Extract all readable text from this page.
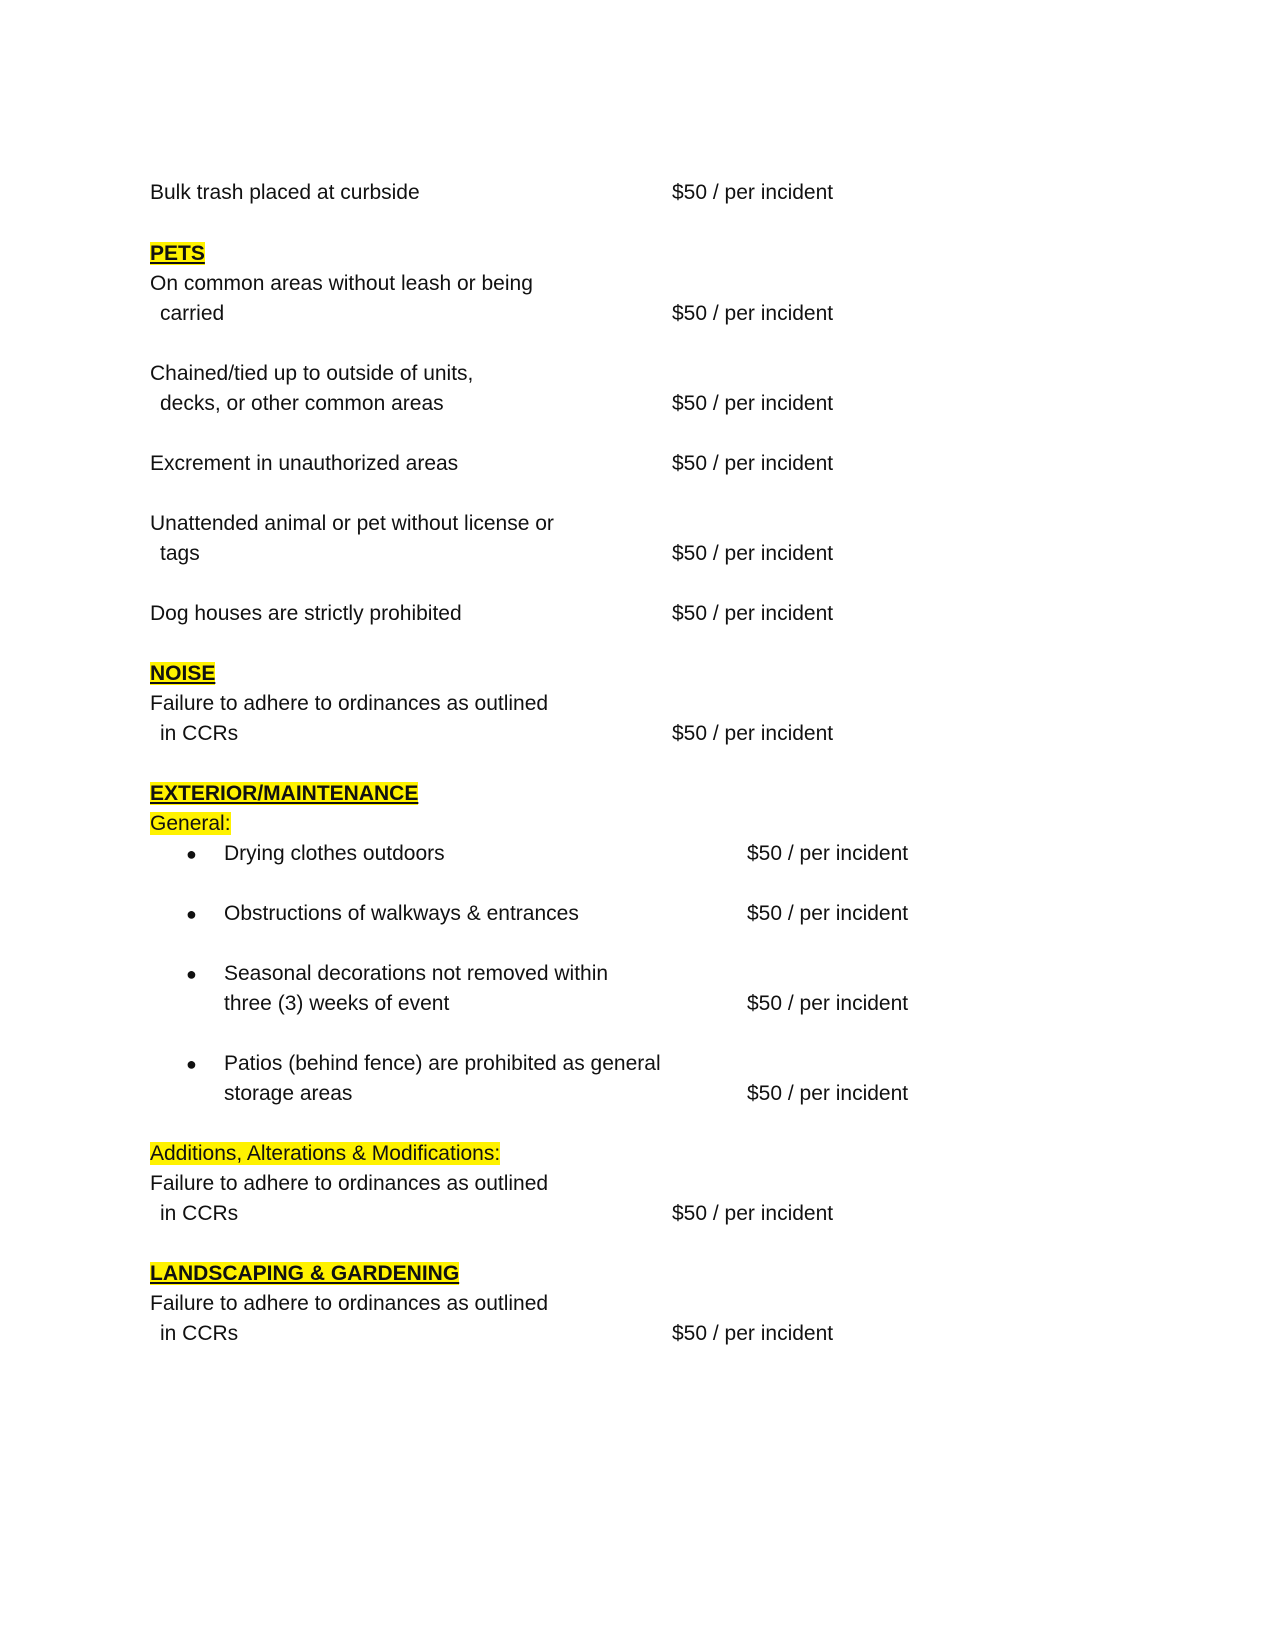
Bulk trash placed at curbside	$50 / per incident
PETS
On common areas without leash or being
carried	$50 / per incident
Chained/tied up to outside of units,
decks, or other common areas	$50 / per incident
Excrement in unauthorized areas	$50 / per incident
Unattended animal or pet without license or
tags	$50 / per incident
Dog houses are strictly prohibited	$50 / per incident
NOISE
Failure to adhere to ordinances as outlined
in CCRs	$50 / per incident
EXTERIOR/MAINTENANCE
General:
● Drying clothes outdoors	$50 / per incident
● Obstructions of walkways & entrances	$50 / per incident
● Seasonal decorations not removed within
three (3) weeks of event	$50 / per incident
● Patios (behind fence) are prohibited as general
storage areas	$50 / per incident
Additions, Alterations & Modifications:
Failure to adhere to ordinances as outlined
in CCRs	$50 / per incident
LANDSCAPING & GARDENING
Failure to adhere to ordinances as outlined
in CCRs	$50 / per incident
